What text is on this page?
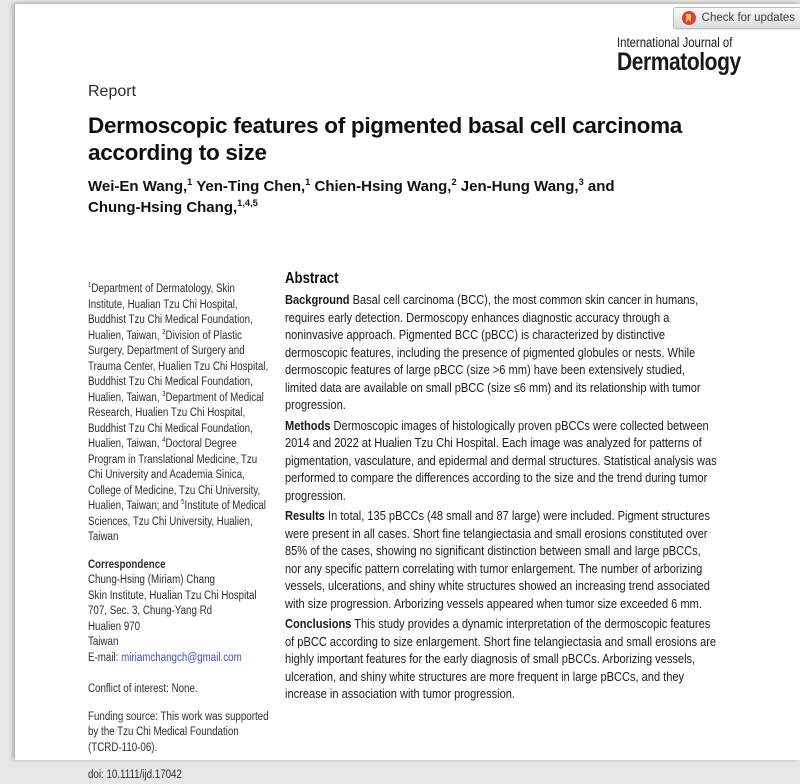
Check for updates
International Journal of
Dermatology
Report
Dermoscopic features of pigmented basal cell carcinoma according to size
Wei-En Wang,$^1$ Yen-Ting Chen,$^1$ Chien-Hsing Wang,$^2$ Jen-Hung Wang,$^3$ and Chung-Hsing Chang,$^{1,4,5}$

$^1$Department of Dermatology, Skin Institute, Hualian Tzu Chi Hospital, Buddhist Tzu Chi Medical Foundation, Hualien, Taiwan, $^2$Division of Plastic Surgery, Department of Surgery and Trauma Center, Hualien Tzu Chi Hospital, Buddhist Tzu Chi Medical Foundation, Hualien, Taiwan, $^3$Department of Medical Research, Hualien Tzu Chi Hospital, Buddhist Tzu Chi Medical Foundation, Hualien, Taiwan, $^4$Doctoral Degree Program in Translational Medicine, Tzu Chi University and Academia Sinica, College of Medicine, Tzu Chi University, Hualien, Taiwan; and $^5$Institute of Medical Sciences, Tzu Chi University, Hualien, Taiwan

Correspondence
Chung-Hsing (Miriam) Chang
Skin Institute, Hualian Tzu Chi Hospital
707, Sec. 3, Chung-Yang Rd
Hualien 970
Taiwan
E-mail: miriamchangch@gmail.com

Conflict of interest: None.

Funding source: This work was supported by the Tzu Chi Medical Foundation (TCRD-110-06).

doi: 10.1111/ijd.17042

Abstract

Background Basal cell carcinoma (BCC), the most common skin cancer in humans, requires early detection. Dermoscopy enhances diagnostic accuracy through a noninvasive approach. Pigmented BCC (pBCC) is characterized by distinctive dermoscopic features, including the presence of pigmented globules or nests. While dermoscopic features of large pBCC (size >6 mm) have been extensively studied, limited data are available on small pBCC (size ≤6 mm) and its relationship with tumor progression.

Methods Dermoscopic images of histologically proven pBCCs were collected between 2014 and 2022 at Hualien Tzu Chi Hospital. Each image was analyzed for patterns of pigmentation, vasculature, and epidermal and dermal structures. Statistical analysis was performed to compare the differences according to the size and the trend during tumor progression.

Results In total, 135 pBCCs (48 small and 87 large) were included. Pigment structures were present in all cases. Short fine telangiectasia and small erosions constituted over 85% of the cases, showing no significant distinction between small and large pBCCs, nor any specific pattern correlating with tumor enlargement. The number of arborizing vessels, ulcerations, and shiny white structures showed an increasing trend associated with size progression. Arborizing vessels appeared when tumor size exceeded 6 mm.

Conclusions This study provides a dynamic interpretation of the dermoscopic features of pBCC according to size enlargement. Short fine telangiectasia and small erosions are highly important features for the early diagnosis of small pBCCs. Arborizing vessels, ulceration, and shiny white structures are more frequent in large pBCCs, and they increase in association with tumor progression.
